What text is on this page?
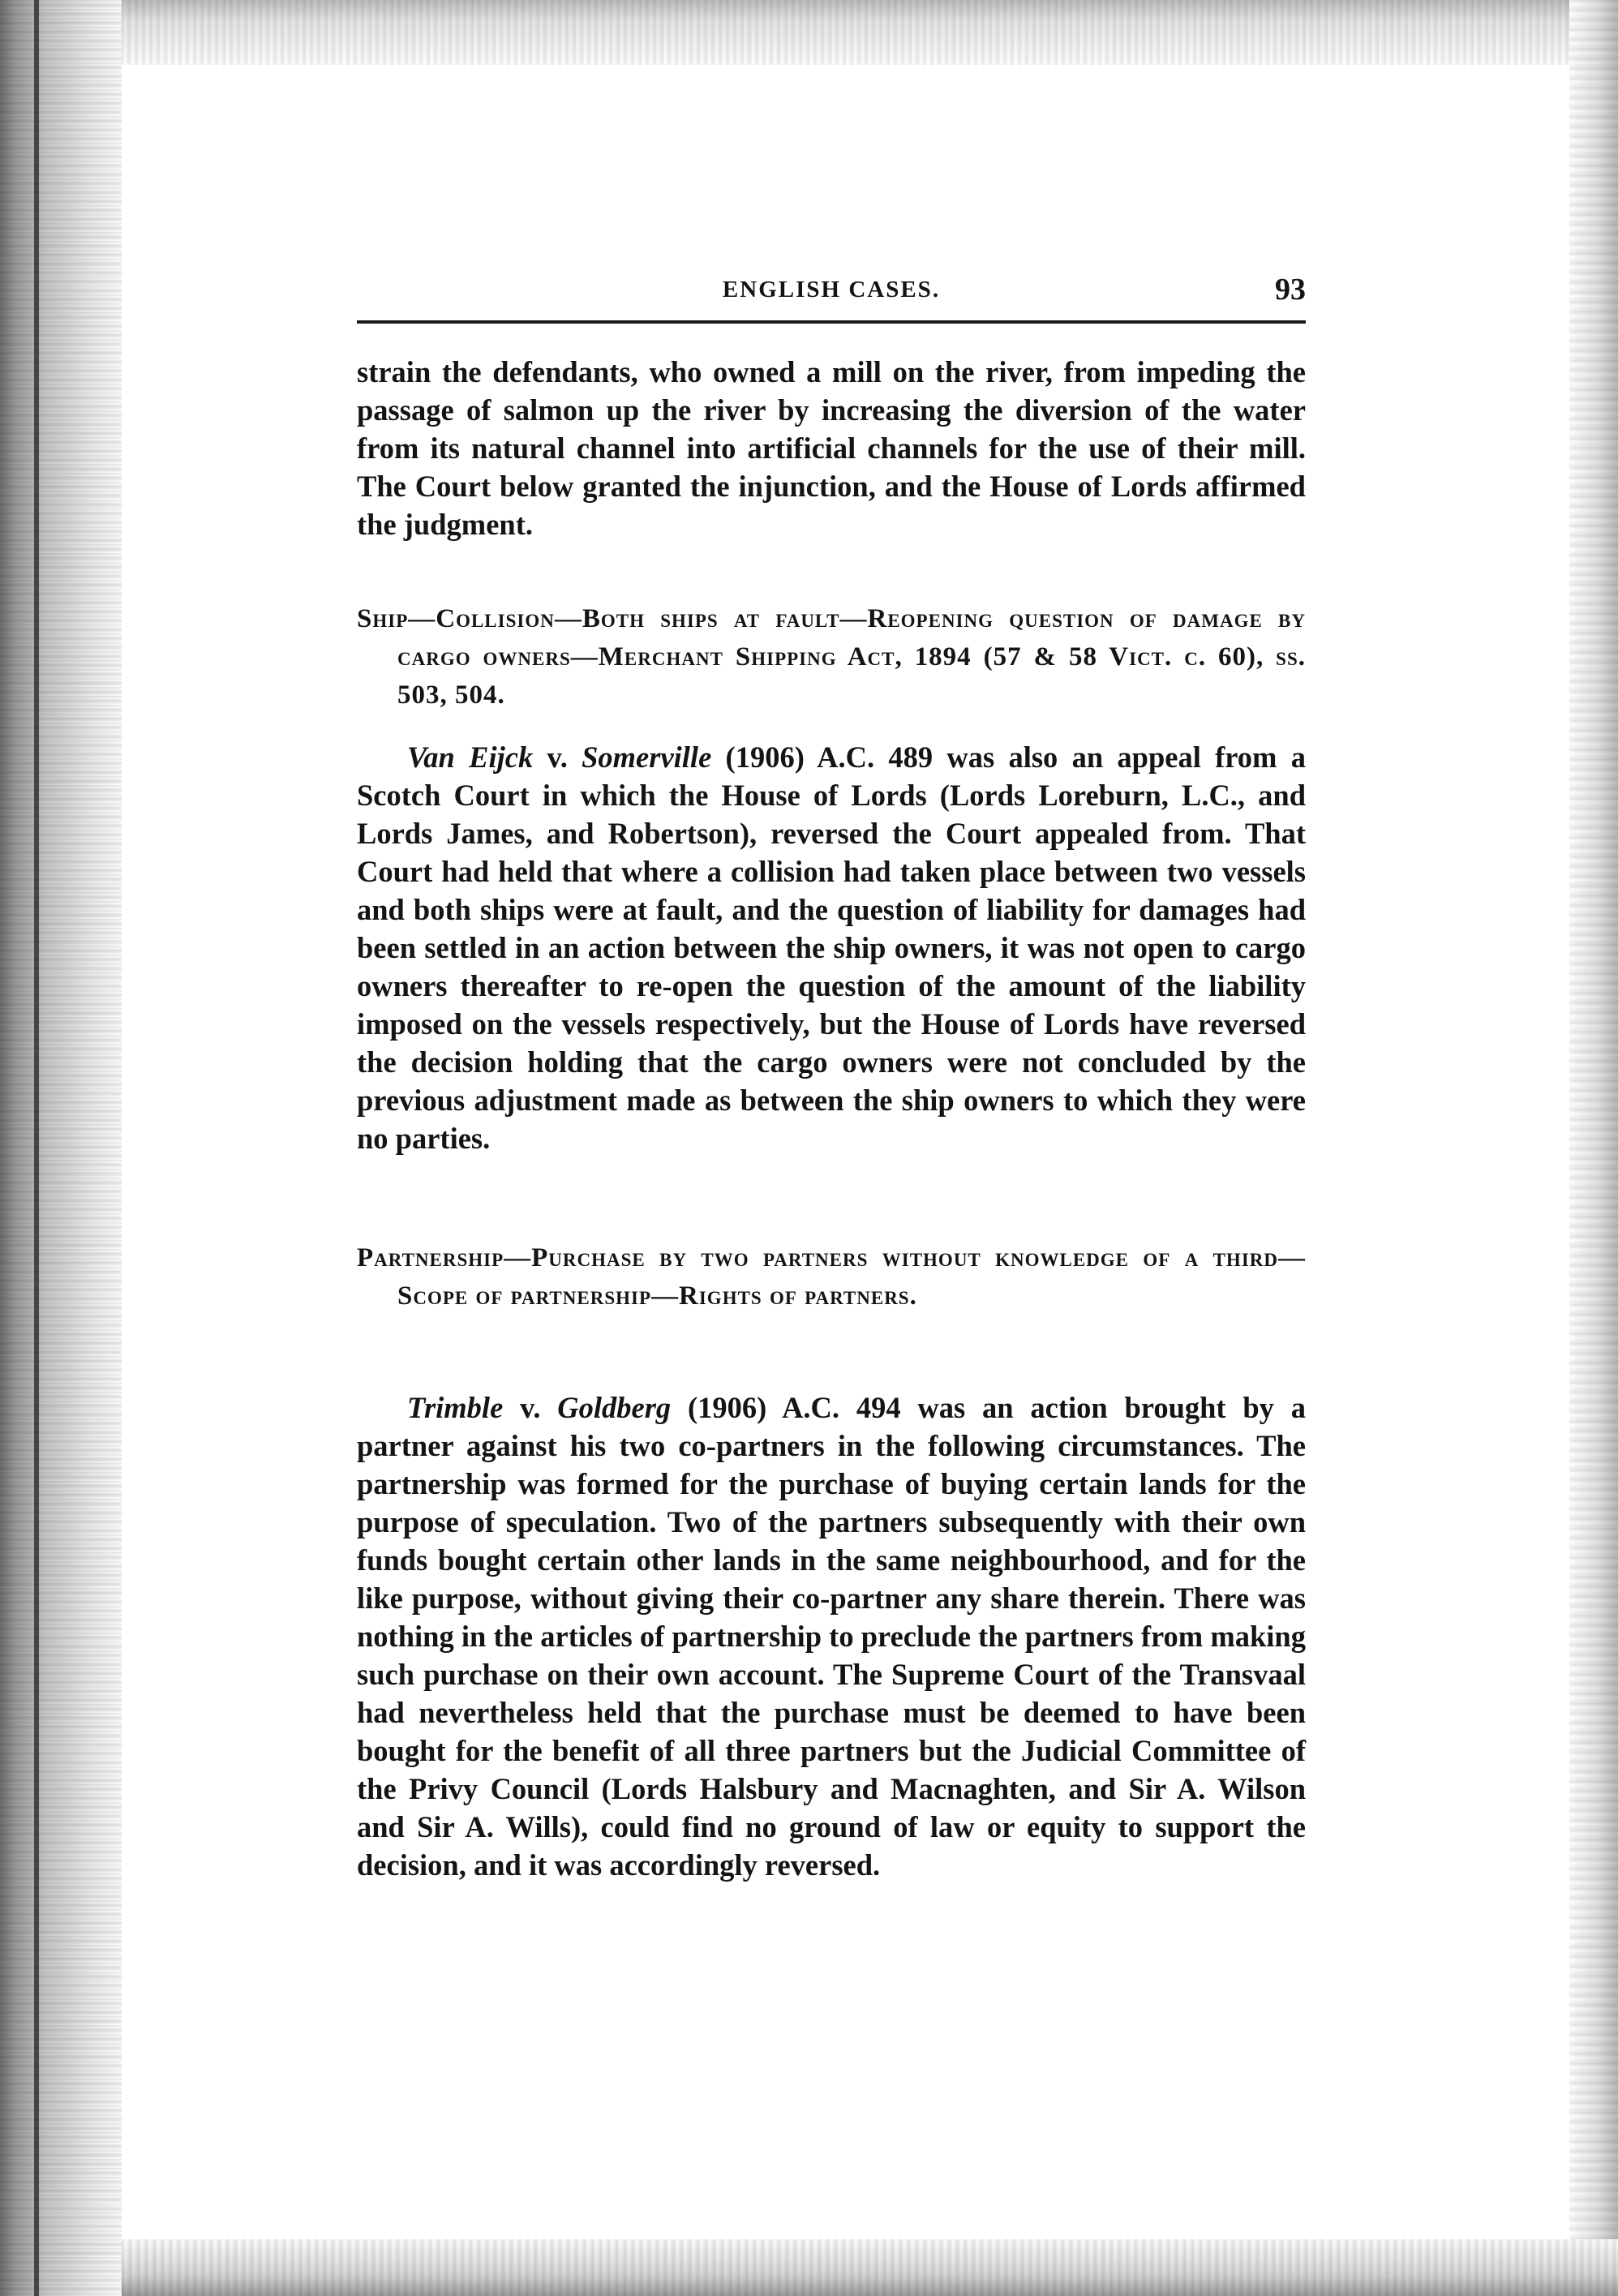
ENGLISH CASES.	93

strain the defendants, who owned a mill on the river, from impeding the passage of salmon up the river by increasing the diversion of the water from its natural channel into artificial channels for the use of their mill. The Court below granted the injunction, and the House of Lords affirmed the judgment.

Ship—Collision—Both ships at fault—Reopening question of damage by cargo owners—Merchant Shipping Act, 1894 (57 & 58 Vict. c. 60), ss. 503, 504.

Van Eijck v. Somerville (1906) A.C. 489 was also an appeal from a Scotch Court in which the House of Lords (Lords Loreburn, L.C., and Lords James, and Robertson), reversed the Court appealed from. That Court had held that where a collision had taken place between two vessels and both ships were at fault, and the question of liability for damages had been settled in an action between the ship owners, it was not open to cargo owners thereafter to re-open the question of the amount of the liability imposed on the vessels respectively, but the House of Lords have reversed the decision holding that the cargo owners were not concluded by the previous adjustment made as between the ship owners to which they were no parties.

Partnership—Purchase by two partners without knowledge of a third—Scope of partnership—Rights of partners.

Trimble v. Goldberg (1906) A.C. 494 was an action brought by a partner against his two co-partners in the following circumstances. The partnership was formed for the purchase of buying certain lands for the purpose of speculation. Two of the partners subsequently with their own funds bought certain other lands in the same neighbourhood, and for the like purpose, without giving their co-partner any share therein. There was nothing in the articles of partnership to preclude the partners from making such purchase on their own account. The Supreme Court of the Transvaal had nevertheless held that the purchase must be deemed to have been bought for the benefit of all three partners but the Judicial Committee of the Privy Council (Lords Halsbury and Macnaghten, and Sir A. Wilson and Sir A. Wills), could find no ground of law or equity to support the decision, and it was accordingly reversed.
